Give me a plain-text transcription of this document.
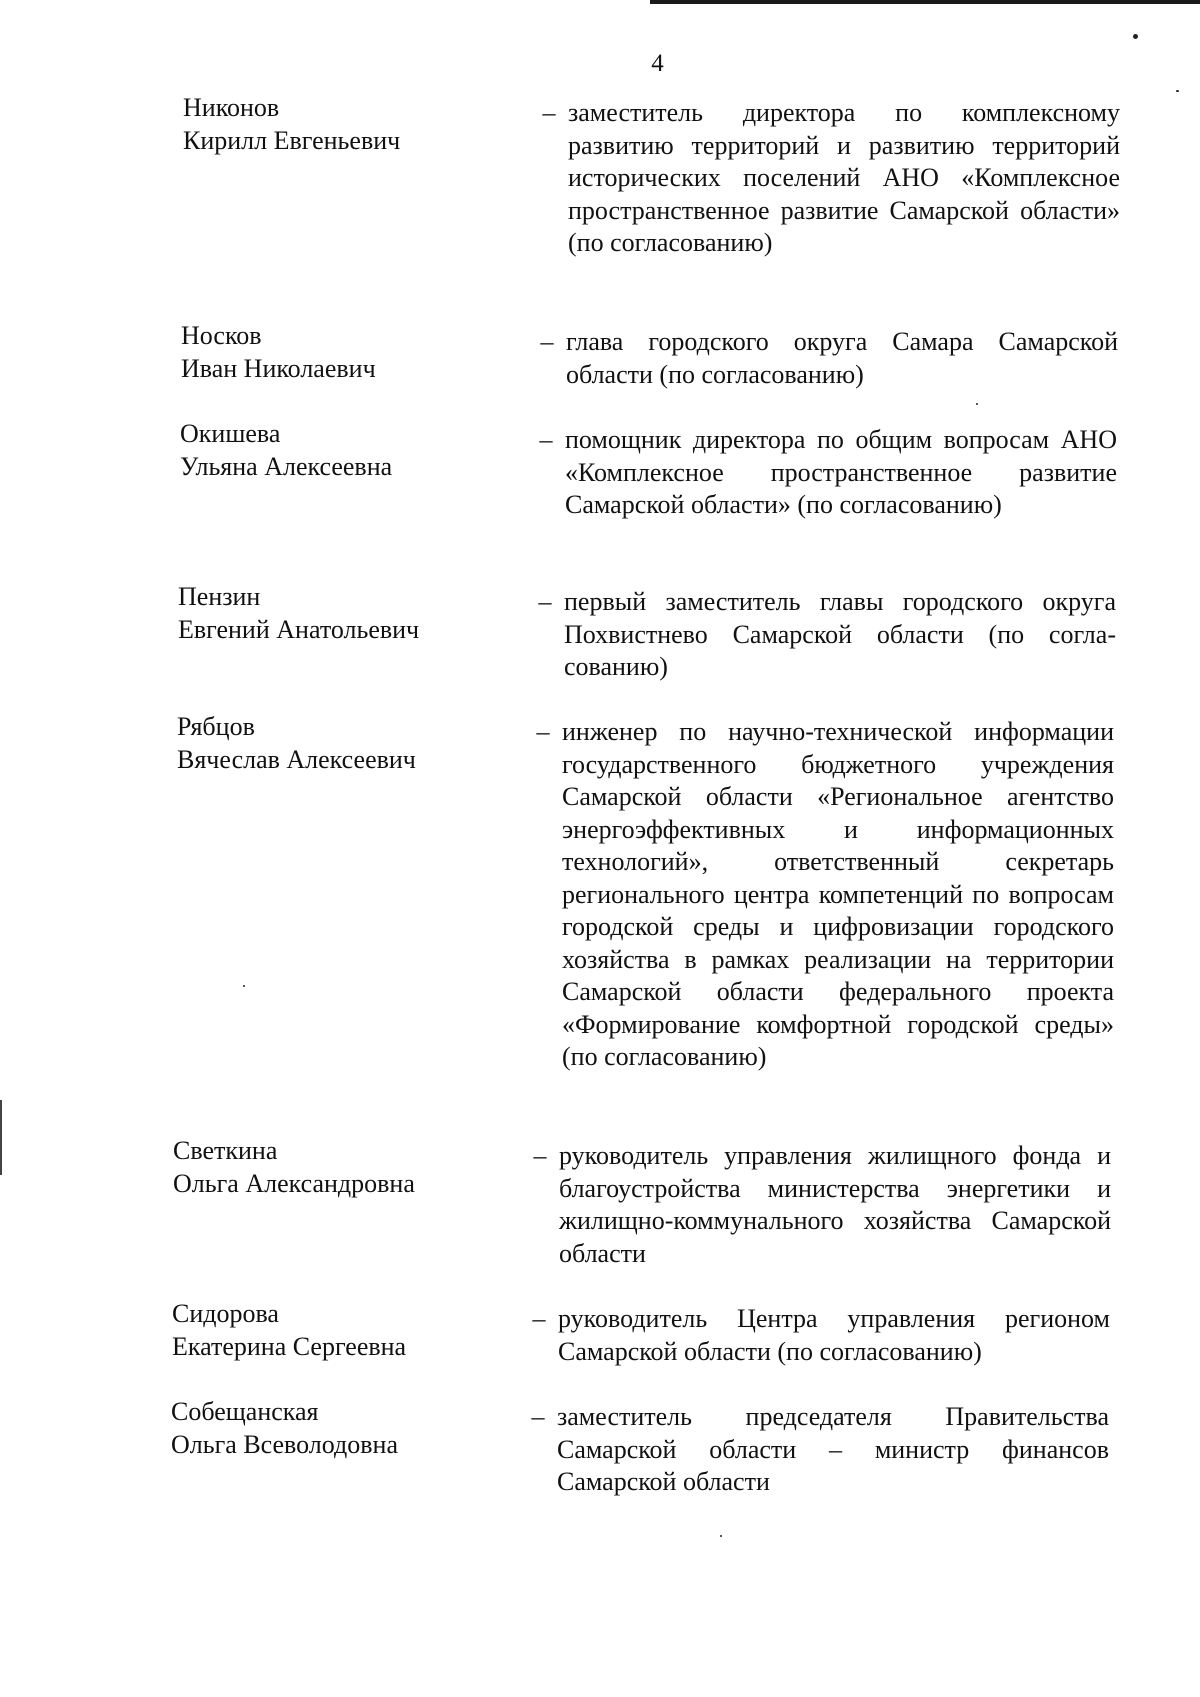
4
Никонов
Кирилл Евгеньевич
– заместитель директора по комплексному развитию территорий и развитию территорий исторических поселений АНО «Комплексное пространственное развитие Самарской области» (по согласованию)
Носков
Иван Николаевич
– глава городского округа Самара Самарской области (по согласованию)
Окишева
Ульяна Алексеевна
– помощник директора по общим вопросам АНО «Комплексное пространственное развитие Самарской области» (по согласованию)
Пензин
Евгений Анатольевич
– первый заместитель главы городского округа Похвистнево Самарской области (по согласованию)
Рябцов
Вячеслав Алексеевич
– инженер по научно-технической информации государственного бюджетного учреждения Самарской области «Региональное агентство энергоэффективных и информационных технологий», ответственный секретарь регионального центра компетенций по вопросам городской среды и цифровизации городского хозяйства в рамках реализации на территории Самарской области федерального проекта «Формирование комфортной городской среды» (по согласованию)
Светкина
Ольга Александровна
– руководитель управления жилищного фонда и благоустройства министерства энергетики и жилищно-коммунального хозяйства Самарской области
Сидорова
Екатерина Сергеевна
– руководитель Центра управления регионом Самарской области (по согласованию)
Собещанская
Ольга Всеволодовна
– заместитель председателя Правительства Самарской области – министр финансов Самарской области
